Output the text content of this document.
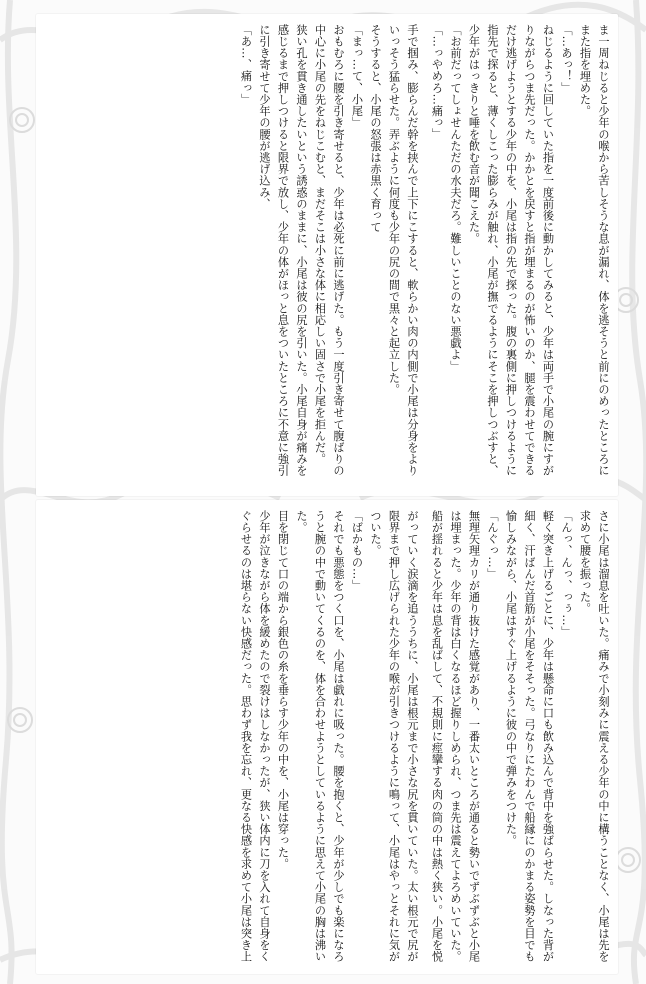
ま一周ねじると少年の喉から苦しそうな息が漏れ、体を逃そうと前にのめったところにまた指を埋めた。
「…あっ！」
ねじるように回していた指を一度前後に動かしてみると、少年は両手で小尾の腕にすがりながらつま先だった。かかとを戻すと指が埋まるのが怖いのか、腿を震わせてできるだけ逃げようとする少年の中を、小尾は指の先で探った。腹の裏側に押しつけるように指先で探ると、薄くしこった膨らみが触れ、小尾が撫でるようにそこを押しつぶすと、少年がはっきりと唾を飲む音が聞こえた。
「お前だってしょせんただの水夫だろ。難しいことのない悪戯よ」
「…っやめろ…痛っ」

手で掴み、膨らんだ幹を挟んで上下にこすると、軟らかい肉の内側で小尾は分身をよりいっそう猛らせた。弄ぶように何度も少年の尻の間で黒々と起立した。
そうすると、小尾の怒張は赤黒く育って
「まっ…て、小尾」
おもむろに腰を引き寄せると、少年は必死に前に逃げた。もう一度引き寄せて腹ばりの中心に小尾の先をねじこむと、まだそこは小さな体に相応しい固さで小尾を拒んだ。
狭い孔を貫き通したいという誘惑のままに、小尾は彼の尻を引いた。小尾自身が痛みを感じるまで押しつけると限界で放し、少年の体がほっと息をついたところに不意に強引に引き寄せて少年の腰が逃げ込み、
「あ…、痛っ」

さに小尾は溜息を吐いた。痛みで小刻みに震える少年の中に構うことなく、小尾は先を求めて腰を振った。
「んっ、んっ、っぅ…」
軽く突き上げるごとに、少年は懸命に口も飲み込んで背中を強ばらせた。しなった背が細く、汗ばんだ首筋が小尾をそそった。弓なりにたわんで船縁にのかまる姿勢を目でも愉しみながら、小尾はすぐ上げるように彼の中で弾みをつけた。
「んぐっ…」
無理矢理カリが通り抜けた感覚があり、一番太いところが通ると勢いでずぶずぶと小尾は埋まった。少年の背は白くなるほど握りしめられ、つま先は震えてよろめいていた。船が揺れると少年は息を乱ばして、不規則に痙攣する肉の筒の中は熱く狭い。小尾を悦

がっていく涙滴を追ううちに、小尾は根元まで小さな尻を貫いていた。太い根元で尻が限界まで押し広げられた少年の喉が引きつけるように鳴って、小尾はやっとそれに気がついた。
「ばかもの…」
それでも悪態をつく口を、小尾は戯れに吸った。腰を抱くと、少年が少しでも楽になろうと腕の中で動いてくるのを、体を合わせようとしているように思えて小尾の胸は沸いた。
目を閉じて口の端から銀色の糸を垂らす少年の中を、小尾は穿った。
少年が泣きながら体を緩めたので裂けはしなかったが、狭い体内に刀を入れて自身をくぐらせるのは堪らない快感だった。思わず我を忘れ、更なる快感を求めて小尾は突き上
